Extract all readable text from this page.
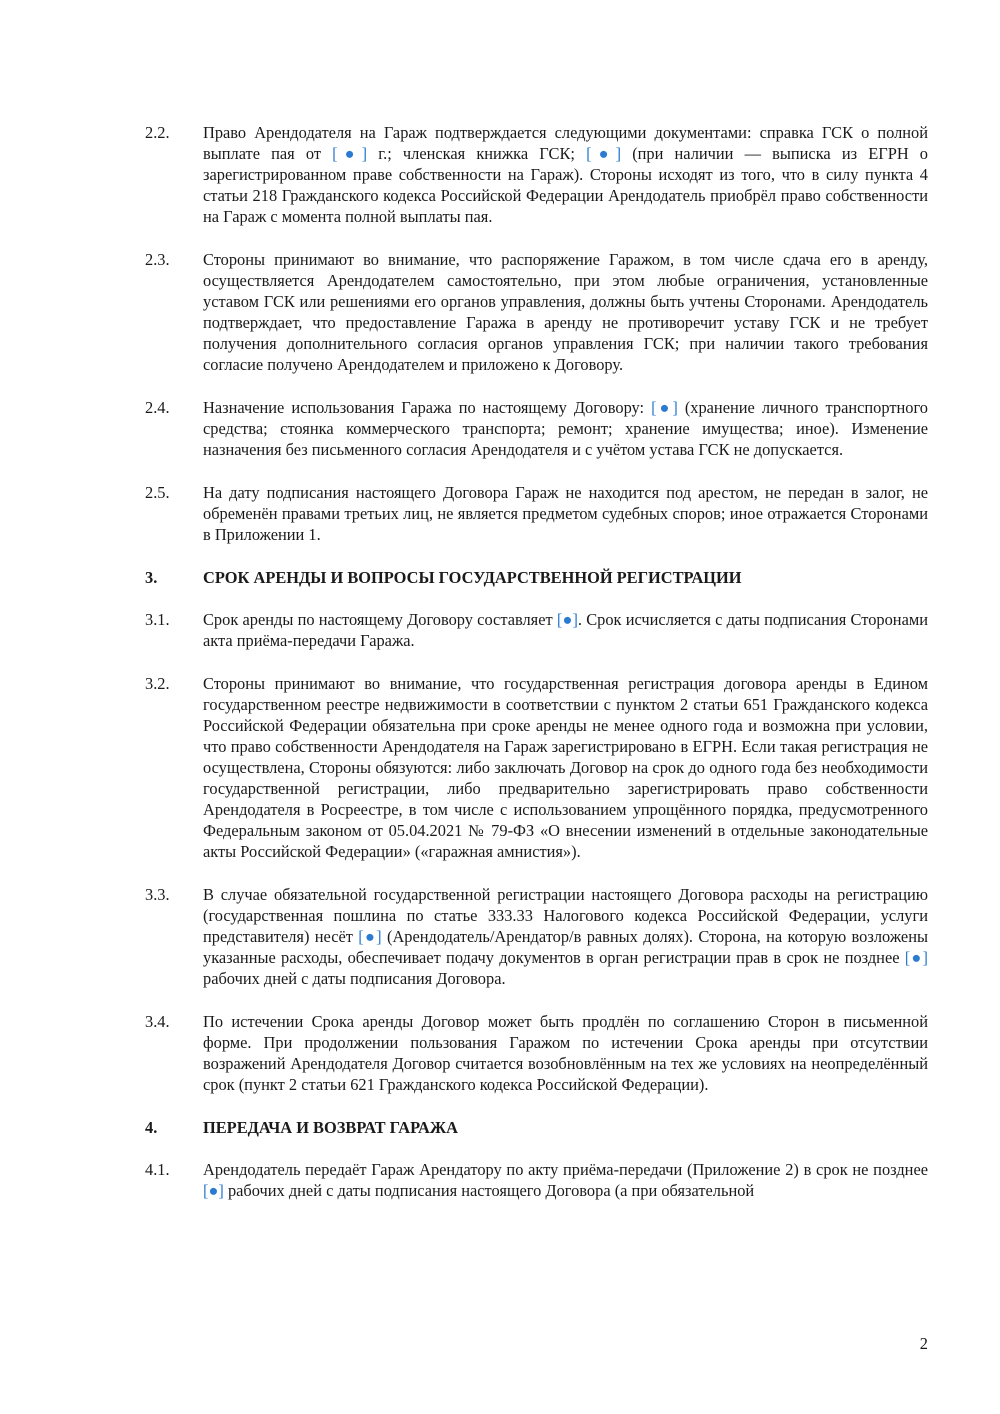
2.2.	Право Арендодателя на Гараж подтверждается следующими документами: справка ГСК о полной выплате пая от [●] г.; членская книжка ГСК; [●] (при наличии — выписка из ЕГРН о зарегистрированном праве собственности на Гараж). Стороны исходят из того, что в силу пункта 4 статьи 218 Гражданского кодекса Российской Федерации Арендодатель приобрёл право собственности на Гараж с момента полной выплаты пая.
2.3.	Стороны принимают во внимание, что распоряжение Гаражом, в том числе сдача его в аренду, осуществляется Арендодателем самостоятельно, при этом любые ограничения, установленные уставом ГСК или решениями его органов управления, должны быть учтены Сторонами. Арендодатель подтверждает, что предоставление Гаража в аренду не противоречит уставу ГСК и не требует получения дополнительного согласия органов управления ГСК; при наличии такого требования согласие получено Арендодателем и приложено к Договору.
2.4.	Назначение использования Гаража по настоящему Договору: [●] (хранение личного транспортного средства; стоянка коммерческого транспорта; ремонт; хранение имущества; иное). Изменение назначения без письменного согласия Арендодателя и с учётом устава ГСК не допускается.
2.5.	На дату подписания настоящего Договора Гараж не находится под арестом, не передан в залог, не обременён правами третьих лиц, не является предметом судебных споров; иное отражается Сторонами в Приложении 1.
3.	СРОК АРЕНДЫ И ВОПРОСЫ ГОСУДАРСТВЕННОЙ РЕГИСТРАЦИИ
3.1.	Срок аренды по настоящему Договору составляет [●]. Срок исчисляется с даты подписания Сторонами акта приёма-передачи Гаража.
3.2.	Стороны принимают во внимание, что государственная регистрация договора аренды в Едином государственном реестре недвижимости в соответствии с пунктом 2 статьи 651 Гражданского кодекса Российской Федерации обязательна при сроке аренды не менее одного года и возможна при условии, что право собственности Арендодателя на Гараж зарегистрировано в ЕГРН. Если такая регистрация не осуществлена, Стороны обязуются: либо заключать Договор на срок до одного года без необходимости государственной регистрации, либо предварительно зарегистрировать право собственности Арендодателя в Росреестре, в том числе с использованием упрощённого порядка, предусмотренного Федеральным законом от 05.04.2021 № 79-ФЗ «О внесении изменений в отдельные законодательные акты Российской Федерации» («гаражная амнистия»).
3.3.	В случае обязательной государственной регистрации настоящего Договора расходы на регистрацию (государственная пошлина по статье 333.33 Налогового кодекса Российской Федерации, услуги представителя) несёт [●] (Арендодатель/Арендатор/в равных долях). Сторона, на которую возложены указанные расходы, обеспечивает подачу документов в орган регистрации прав в срок не позднее [●] рабочих дней с даты подписания Договора.
3.4.	По истечении Срока аренды Договор может быть продлён по соглашению Сторон в письменной форме. При продолжении пользования Гаражом по истечении Срока аренды при отсутствии возражений Арендодателя Договор считается возобновлённым на тех же условиях на неопределённый срок (пункт 2 статьи 621 Гражданского кодекса Российской Федерации).
4.	ПЕРЕДАЧА И ВОЗВРАТ ГАРАЖА
4.1.	Арендодатель передаёт Гараж Арендатору по акту приёма-передачи (Приложение 2) в срок не позднее [●] рабочих дней с даты подписания настоящего Договора (а при обязательной
2
